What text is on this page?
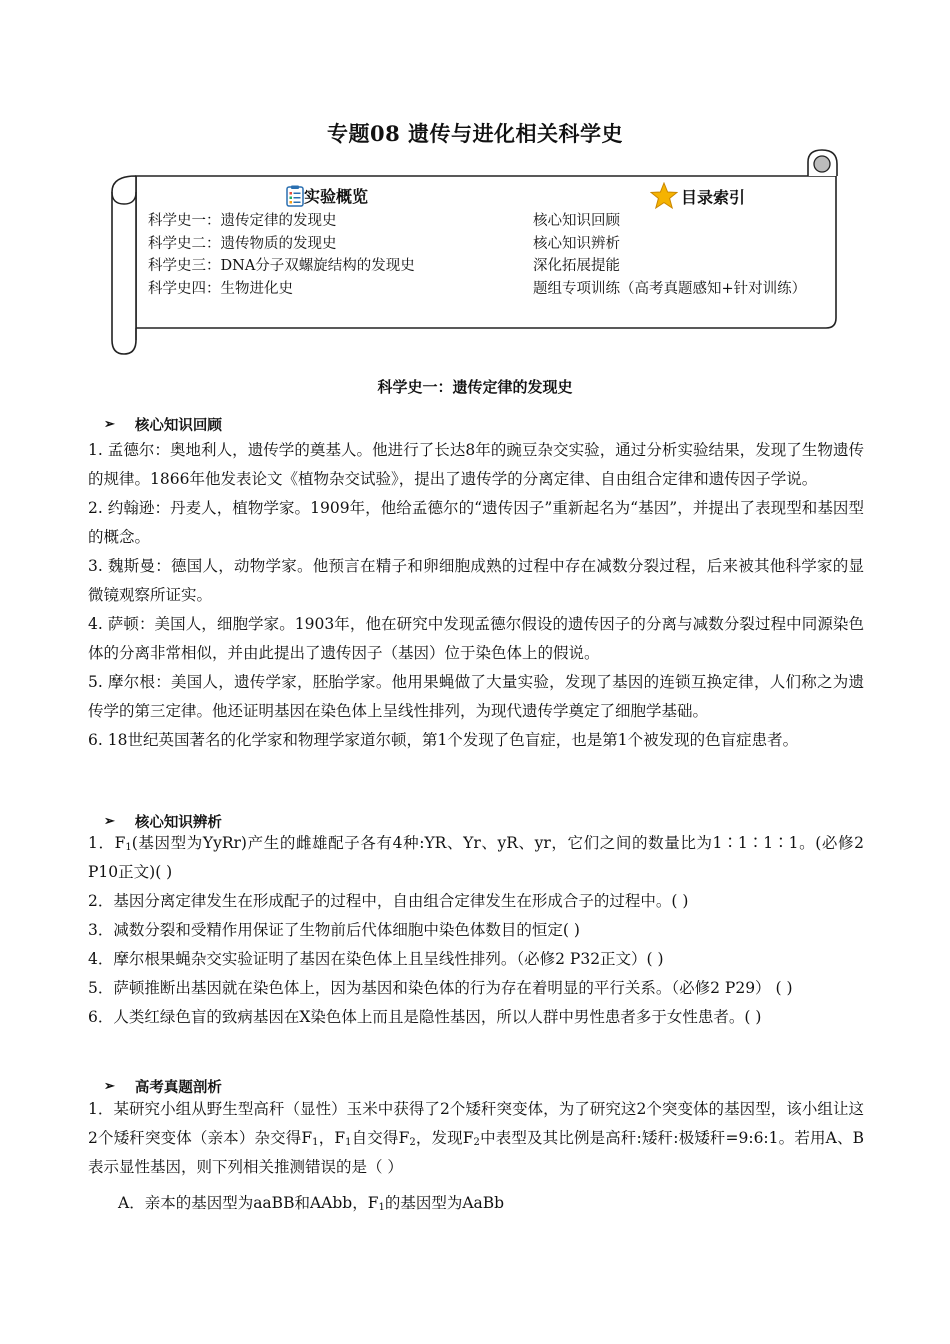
专题08 遗传与进化相关科学史
实验概览	目录索引
科学史一：遗传定律的发现史
科学史二：遗传物质的发现史
科学史三：DNA分子双螺旋结构的发现史
科学史四：生物进化史
核心知识回顾
核心知识辨析
深化拓展提能
题组专项训练（高考真题感知+针对训练）
科学史一：遗传定律的发现史
➢ 核心知识回顾
1. 孟德尔：奥地利人，遗传学的奠基人。他进行了长达8年的豌豆杂交实验，通过分析实验结果，发现了生物遗传的规律。1866年他发表论文《植物杂交试验》，提出了遗传学的分离定律、自由组合定律和遗传因子学说。
2. 约翰逊：丹麦人，植物学家。1909年，他给孟德尔的“遗传因子”重新起名为“基因”，并提出了表现型和基因型的概念。
3. 魏斯曼：德国人，动物学家。他预言在精子和卵细胞成熟的过程中存在减数分裂过程，后来被其他科学家的显微镜观察所证实。
4. 萨顿：美国人，细胞学家。1903年，他在研究中发现孟德尔假设的遗传因子的分离与减数分裂过程中同源染色体的分离非常相似，并由此提出了遗传因子（基因）位于染色体上的假说。
5. 摩尔根：美国人，遗传学家，胚胎学家。他用果蝇做了大量实验，发现了基因的连锁互换定律，人们称之为遗传学的第三定律。他还证明基因在染色体上呈线性排列，为现代遗传学奠定了细胞学基础。
6. 18世纪英国著名的化学家和物理学家道尔顿，第1个发现了色盲症，也是第1个被发现的色盲症患者。
➢ 核心知识辨析
1．$F_1$(基因型为YyRr)产生的雌雄配子各有4种:YR、Yr、yR、yr，它们之间的数量比为1∶1∶1∶1。(必修2 P10正文)( )
2．基因分离定律发生在形成配子的过程中，自由组合定律发生在形成合子的过程中。( )
3．减数分裂和受精作用保证了生物前后代体细胞中染色体数目的恒定( )
4．摩尔根果蝇杂交实验证明了基因在染色体上且呈线性排列。（必修2 P32正文）( )
5．萨顿推断出基因就在染色体上，因为基因和染色体的行为存在着明显的平行关系。（必修2 P29） ( )
6．人类红绿色盲的致病基因在X染色体上而且是隐性基因，所以人群中男性患者多于女性患者。( )
➢ 高考真题剖析
1．某研究小组从野生型高秆（显性）玉米中获得了2个矮秆突变体，为了研究这2个突变体的基因型，该小组让这2个矮秆突变体（亲本）杂交得$F_1$，$F_1$自交得$F_2$，发现$F_2$中表型及其比例是高秆:矮秆:极矮秆=9:6:1。若用A、B表示显性基因，则下列相关推测错误的是（ ）
A．亲本的基因型为aaBB和AAbb，$F_1$的基因型为AaBb
